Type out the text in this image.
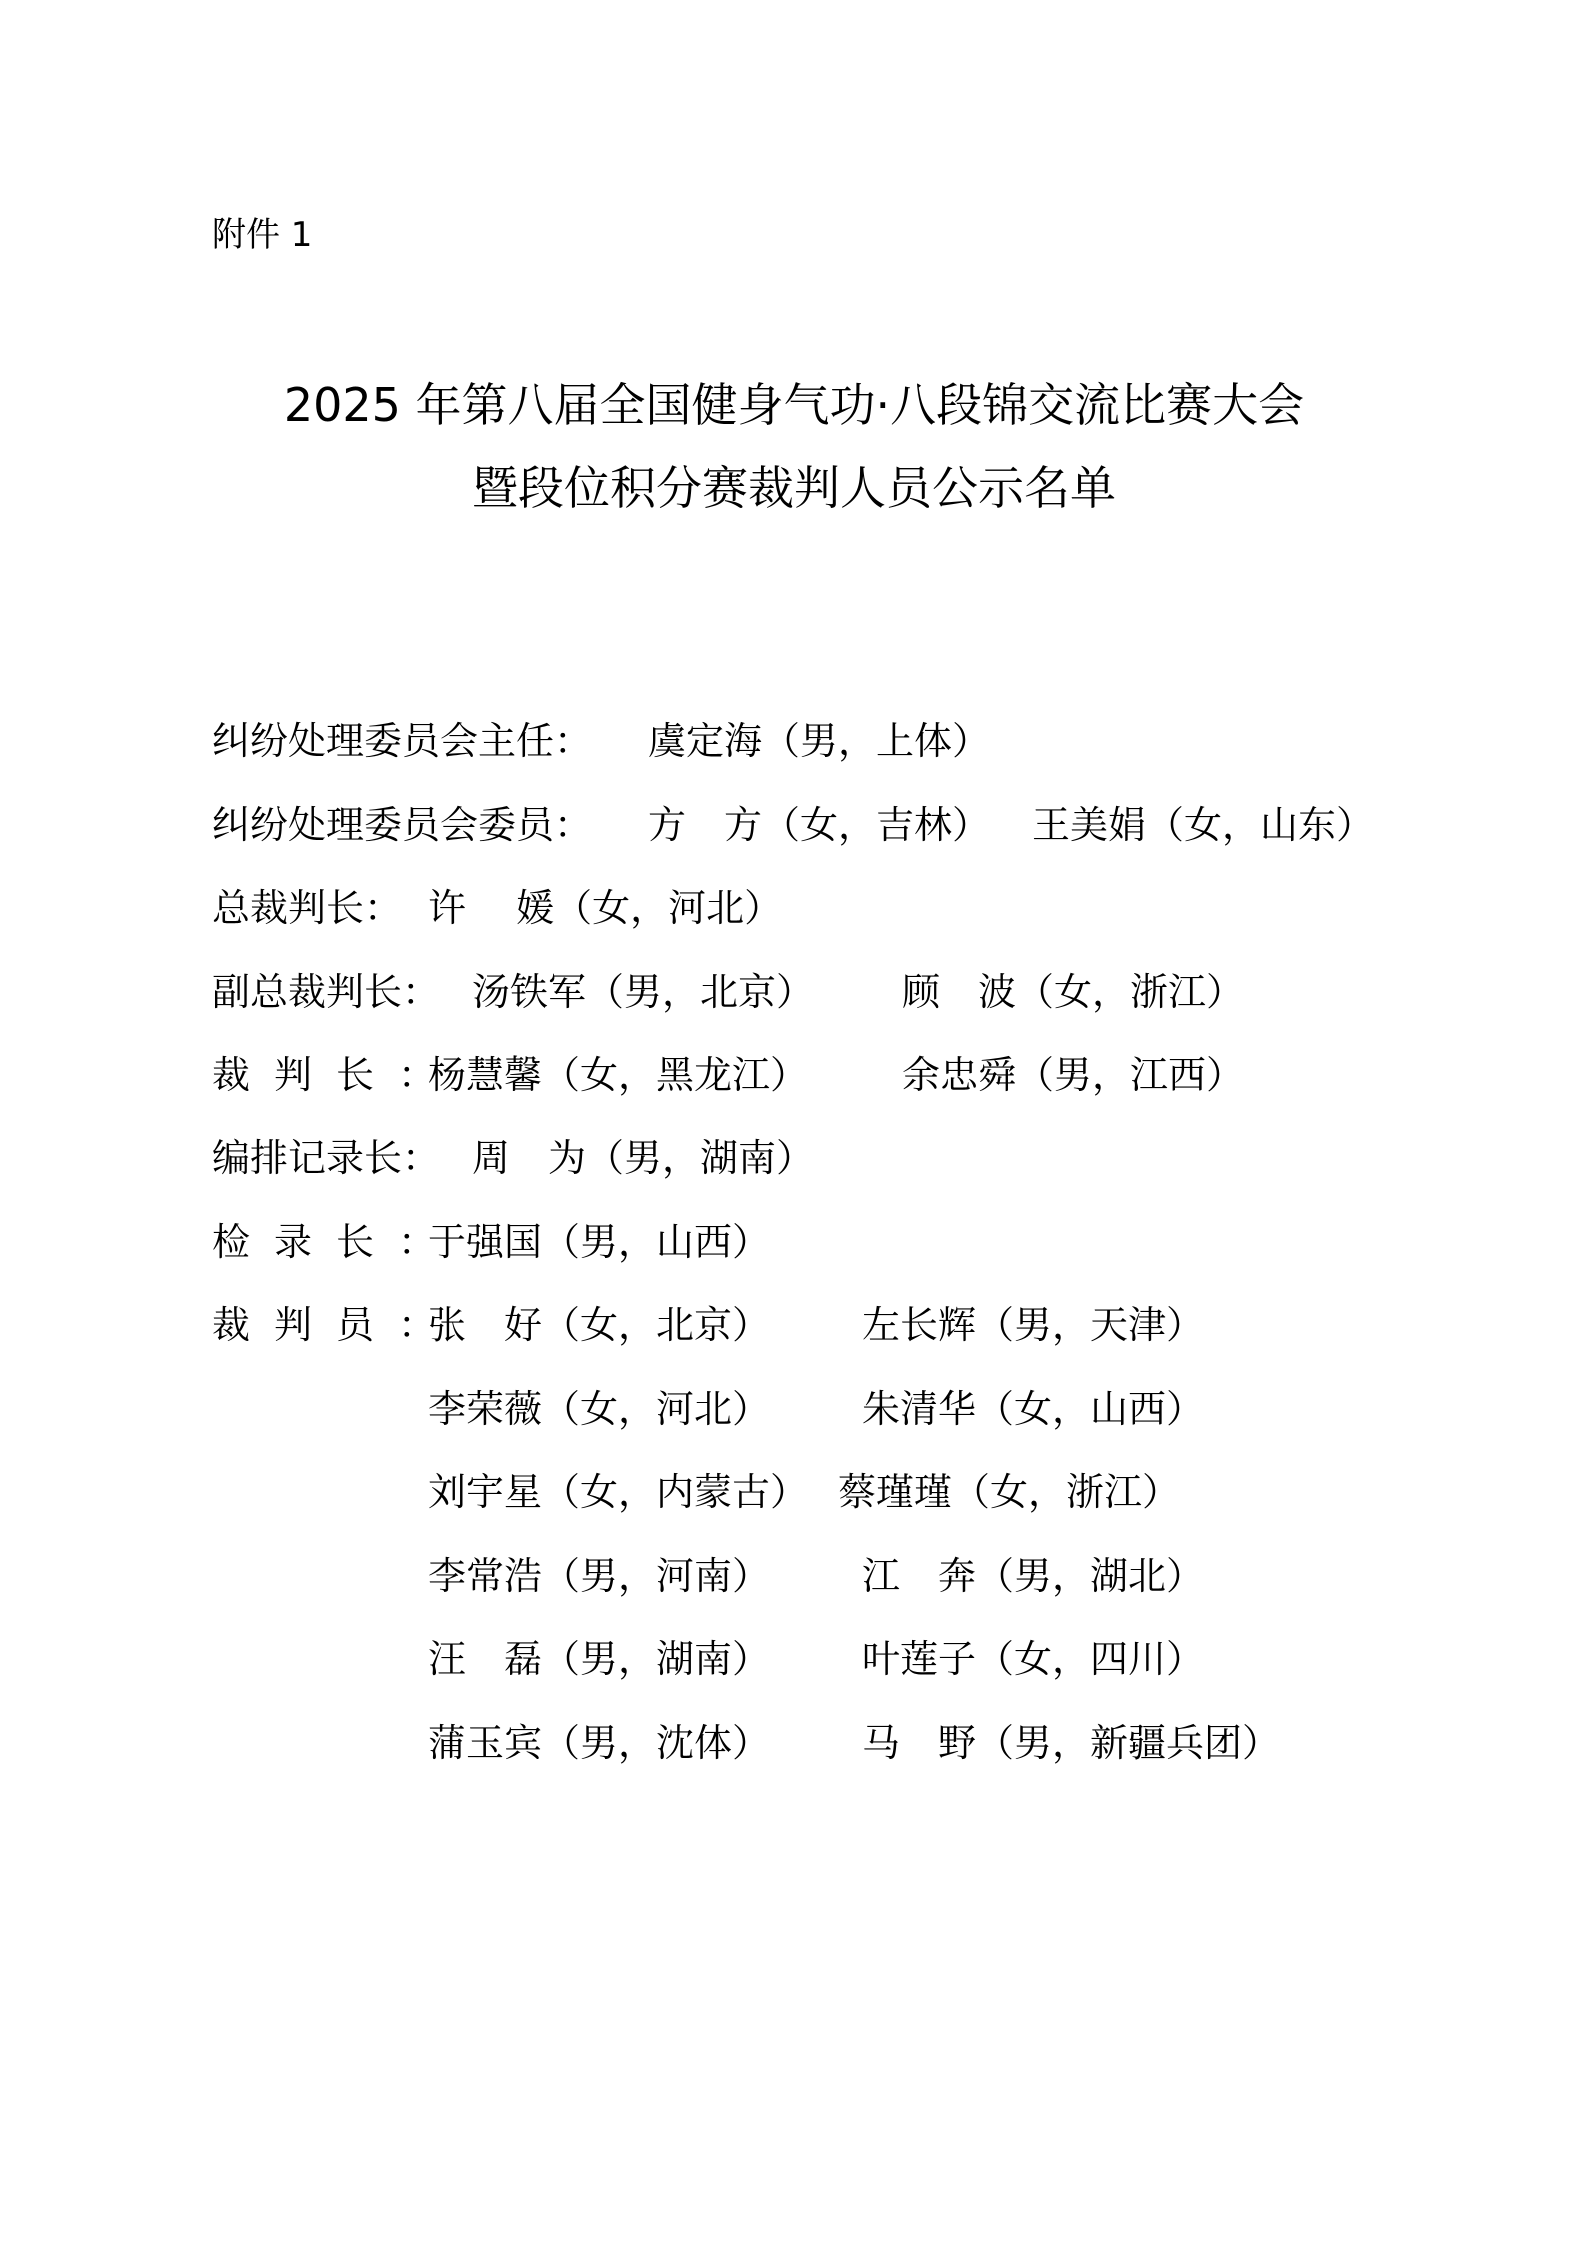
附件 1
2025 年第八届全国健身气功·八段锦交流比赛大会
暨段位积分赛裁判人员公示名单
纠纷处理委员会主任： 虞定海（男，上体）
纠纷处理委员会委员： 方　方（女，吉林） 王美娟（女，山东）
总裁判长： 许　 媛（女，河北）
副总裁判长： 汤铁军（男，北京） 顾　波（女，浙江）
裁判长：
杨慧馨（女，黑龙江） 余忠舜（男，江西）
编排记录长： 周　为（男，湖南）
检录长：
于强国（男，山西）
裁判员：
张　好（女，北京） 左长辉（男，天津）
李荣薇（女，河北） 朱清华（女，山西）
刘宇星（女，内蒙古） 蔡瑾瑾（女，浙江）
李常浩（男，河南） 江　奔（男，湖北）
汪　磊（男，湖南） 叶莲子（女，四川）
蒲玉宾（男，沈体） 马　野（男，新疆兵团）
